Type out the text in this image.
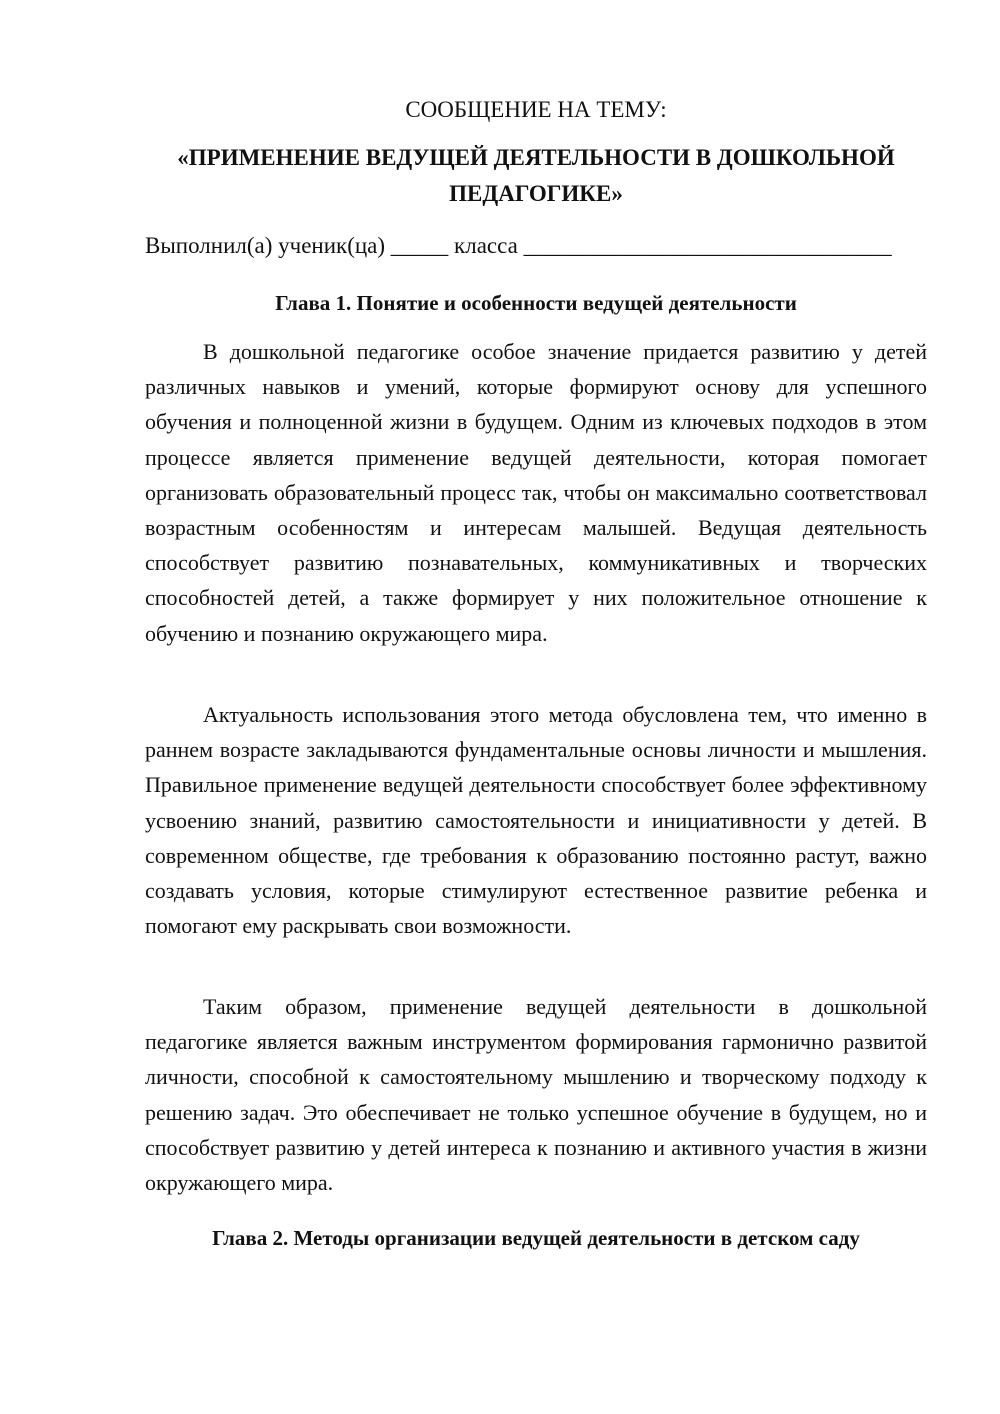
СООБЩЕНИЕ НА ТЕМУ:
«ПРИМЕНЕНИЕ ВЕДУЩЕЙ ДЕЯТЕЛЬНОСТИ В ДОШКОЛЬНОЙ ПЕДАГОГИКЕ»
Выполнил(а) ученик(ца) _____ класса ________________________________
Глава 1. Понятие и особенности ведущей деятельности

В дошкольной педагогике особое значение придается развитию у детей различных навыков и умений, которые формируют основу для успешного обучения и полноценной жизни в будущем. Одним из ключевых подходов в этом процессе является применение ведущей деятельности, которая помогает организовать образовательный процесс так, чтобы он максимально соответствовал возрастным особенностям и интересам малышей. Ведущая деятельность способствует развитию познавательных, коммуникативных и творческих способностей детей, а также формирует у них положительное отношение к обучению и познанию окружающего мира.

Актуальность использования этого метода обусловлена тем, что именно в раннем возрасте закладываются фундаментальные основы личности и мышления. Правильное применение ведущей деятельности способствует более эффективному усвоению знаний, развитию самостоятельности и инициативности у детей. В современном обществе, где требования к образованию постоянно растут, важно создавать условия, которые стимулируют естественное развитие ребенка и помогают ему раскрывать свои возможности.

Таким образом, применение ведущей деятельности в дошкольной педагогике является важным инструментом формирования гармонично развитой личности, способной к самостоятельному мышлению и творческому подходу к решению задач. Это обеспечивает не только успешное обучение в будущем, но и способствует развитию у детей интереса к познанию и активного участия в жизни окружающего мира.

Глава 2. Методы организации ведущей деятельности в детском саду
